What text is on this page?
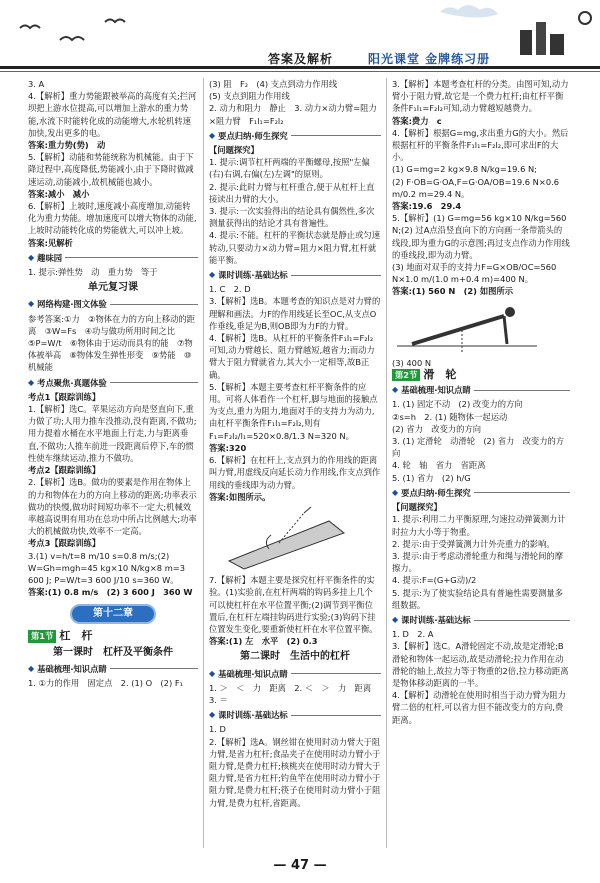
答案及解析	阳光课堂 金牌练习册

3. A

4.【解析】重力势能跟被举高的高度有关;拦河坝把上游水位提高,可以增加上游水的重力势能,水流下时能转化成的动能增大,水轮机转速加快,发出更多的电。

答案:重力势(势)　动

5.【解析】动能和势能统称为机械能。由于下降过程中,高度降低,势能减小,由于下降时做减速运动,动能减小,故机械能也减小。

答案:减小　减小

6.【解析】上坡时,速度减小高度增加,动能转化为重力势能。增加速度可以增大物体的动能,上坡时动能转化成的势能就大,可以冲上坡。

答案:见解析

◆ 趣味园

1. 提示:弹性势　动　重力势　等于

单元复习课
◆ 网络构建·图文体验

参考答案:①力　②物体在力的方向上移动的距离　③W=Fs　④功与做功所用时间之比　⑤P=W/t　⑥物体由于运动而具有的能　⑦物体被举高　⑧物体发生弹性形变　⑨势能　⑩机械能

◆ 考点聚焦·真题体验

考点1【跟踪训练】

1.【解析】选C。苹果运动方向是竖直向下,重力做了功;人用力推车没推动,没有距离,不做功;用力提着水桶在水平地面上行走,力与距离垂直,不做功;人推车前进一段距离后停下,车的惯性使车继续运动,推力不做功。

考点2【跟踪训练】

2.【解析】选B。做功的要素是作用在物体上的力和物体在力的方向上移动的距离;功率表示做功的快慢,做功时间短功率不一定大;机械效率越高说明有用功在总功中所占比例越大;功率大的机械做功快,效率不一定高。

考点3【跟踪训练】

3.(1) v=h/t=8 m/10 s=0.8 m/s;(2) W=Gh=mgh=45 kg×10 N/kg×8 m=3 600 J; P=W/t=3 600 J/10 s=360 W。

答案:(1) 0.8 m/s　(2) 3 600 J　360 W

第十二章
第1节 杠　杆
第一课时　杠杆及平衡条件
◆ 基础梳理·知识点睛

1. ①力的作用　固定点　2. (1) O　(2) F₁

(3) 阻　F₂　(4) 支点到动力作用线

(5) 支点到阻力作用线

2. 动力和阻力　静止　3. 动力×动力臂=阻力×阻力臂　F₁l₁=F₂l₂

◆ 要点归纳·师生探究

【问题探究】

1. 提示:调节杠杆两端的平衡螺母,按照"左偏(右)右调,右偏(左)左调"的原则。

2. 提示:此时力臂与杠杆重合,便于从杠杆上直接读出力臂的大小。

3. 提示:一次实验得出的结论具有偶然性,多次测量获得出的结论才具有普遍性。

4. 提示:不能。杠杆的平衡状态就是静止或匀速转动,只要动力×动力臂=阻力×阻力臂,杠杆就能平衡。

◆ 课时训练·基础达标

1. C　2. D

3.【解析】选B。本题考查的知识点是对力臂的理解和画法。力F的作用线延长至OC,从支点O作垂线,垂足为B,则OB即为力F的力臂。

4.【解析】选B。从杠杆的平衡条件F₁l₁=F₂l₂可知,动力臂越长、阻力臂越短,越省力;而动力臂大于阻力臂就省力,其大小一定相等,故B正确。

5.【解析】本题主要考查杠杆平衡条件的应用。可将人体看作一个杠杆,脚与地面的接触点为支点,重力为阻力,地面对手的支持力为动力,由杠杆平衡条件F₁l₁=F₂l₂,则有F₁=F₂l₂/l₁=520×0.8/1.3 N=320 N。

答案:320

6.【解析】在杠杆上,支点到力的作用线的距离叫力臂,用虚线反向延长动力作用线,作支点到作用线的垂线即为动力臂。

答案:如图所示。

7.【解析】本题主要是探究杠杆平衡条件的实验。(1)实验前,在杠杆两端的钩码多挂上几个可以使杠杆在水平位置平衡;(2)调节到平衡位置后,在杠杆左端挂钩码进行实验;(3)钩码下挂位置发生变化,要重新使杠杆在水平位置平衡。

答案:(1) 左　水平　(2) 0.3

第二课时　生活中的杠杆
◆ 基础梳理·知识点睛

1. ＞　＜　力　距离　2. ＜　＞　力　距离　3. ＝

◆ 课时训练·基础达标

1. D

2.【解析】选A。钢丝钳在使用时动力臂大于阻力臂,是省力杠杆;食品夹子在使用时动力臂小于阻力臂,是费力杠杆;核桃夹在使用时动力臂大于阻力臂,是省力杠杆;钓鱼竿在使用时动力臂小于阻力臂,是费力杠杆;筷子在使用时动力臂小于阻力臂,是费力杠杆,省距离。

3.【解析】本题考查杠杆的分类。由图可知,动力臂小于阻力臂,故它是一个费力杠杆;由杠杆平衡条件F₁l₁=F₂l₂可知,动力臂越短越费力。

答案:费力　c

4.【解析】根据G=mg,求出重力G的大小。然后根据杠杆的平衡条件F₁l₁=F₂l₂,即可求出F的大小。

(1) G=mg=2 kg×9.8 N/kg=19.6 N;

(2) F·OB=G·OA,F=G·OA/OB=19.6 N×0.6 m/0.2 m=29.4 N。

答案:19.6　29.4

5.【解析】(1) G=mg=56 kg×10 N/kg=560 N;(2) 过A点沿竖直向下的方向画一条带箭头的线段,即为重力G的示意图;再过支点作动力作用线的垂线段,即为动力臂。

(3) 地面对双手的支持力F=G×OB/OC=560 N×1.0 m/(1.0 m+0.4 m)=400 N。

答案:(1) 560 N　(2) 如图所示

(3) 400 N

第2节 滑　轮
◆ 基础梳理·知识点睛

1. (1) 固定不动　(2) 改变力的方向

②s=h　2. (1) 随物体一起运动

(2) 省力　改变力的方向

3. (1) 定滑轮　动滑轮　(2) 省力　改变力的方向

4. 轮　轴　省力　省距离

5. (1) 省力　(2) h/G

◆ 要点归纳·师生探究

【问题探究】

1. 提示:利用二力平衡原理,匀速拉动弹簧测力计时拉力大小等于物重。

2. 提示:由于受弹簧测力计外壳重力的影响。

3. 提示:由于考虑动滑轮重力和绳与滑轮间的摩擦力。

4. 提示:F=(G+G动)/2

5. 提示:为了使实验结论具有普遍性需要测量多组数据。

◆ 课时训练·基础达标

1. D　2. A

3.【解析】选C。A滑轮固定不动,故是定滑轮;B滑轮和物体一起运动,故是动滑轮;拉力作用在动滑轮的轴上,故拉力等于物重的2倍,拉力移动距离是物体移动距离的一半。

4.【解析】动滑轮在使用时相当于动力臂为阻力臂二倍的杠杆,可以省力但不能改变力的方向,费距离。

— 47 —
